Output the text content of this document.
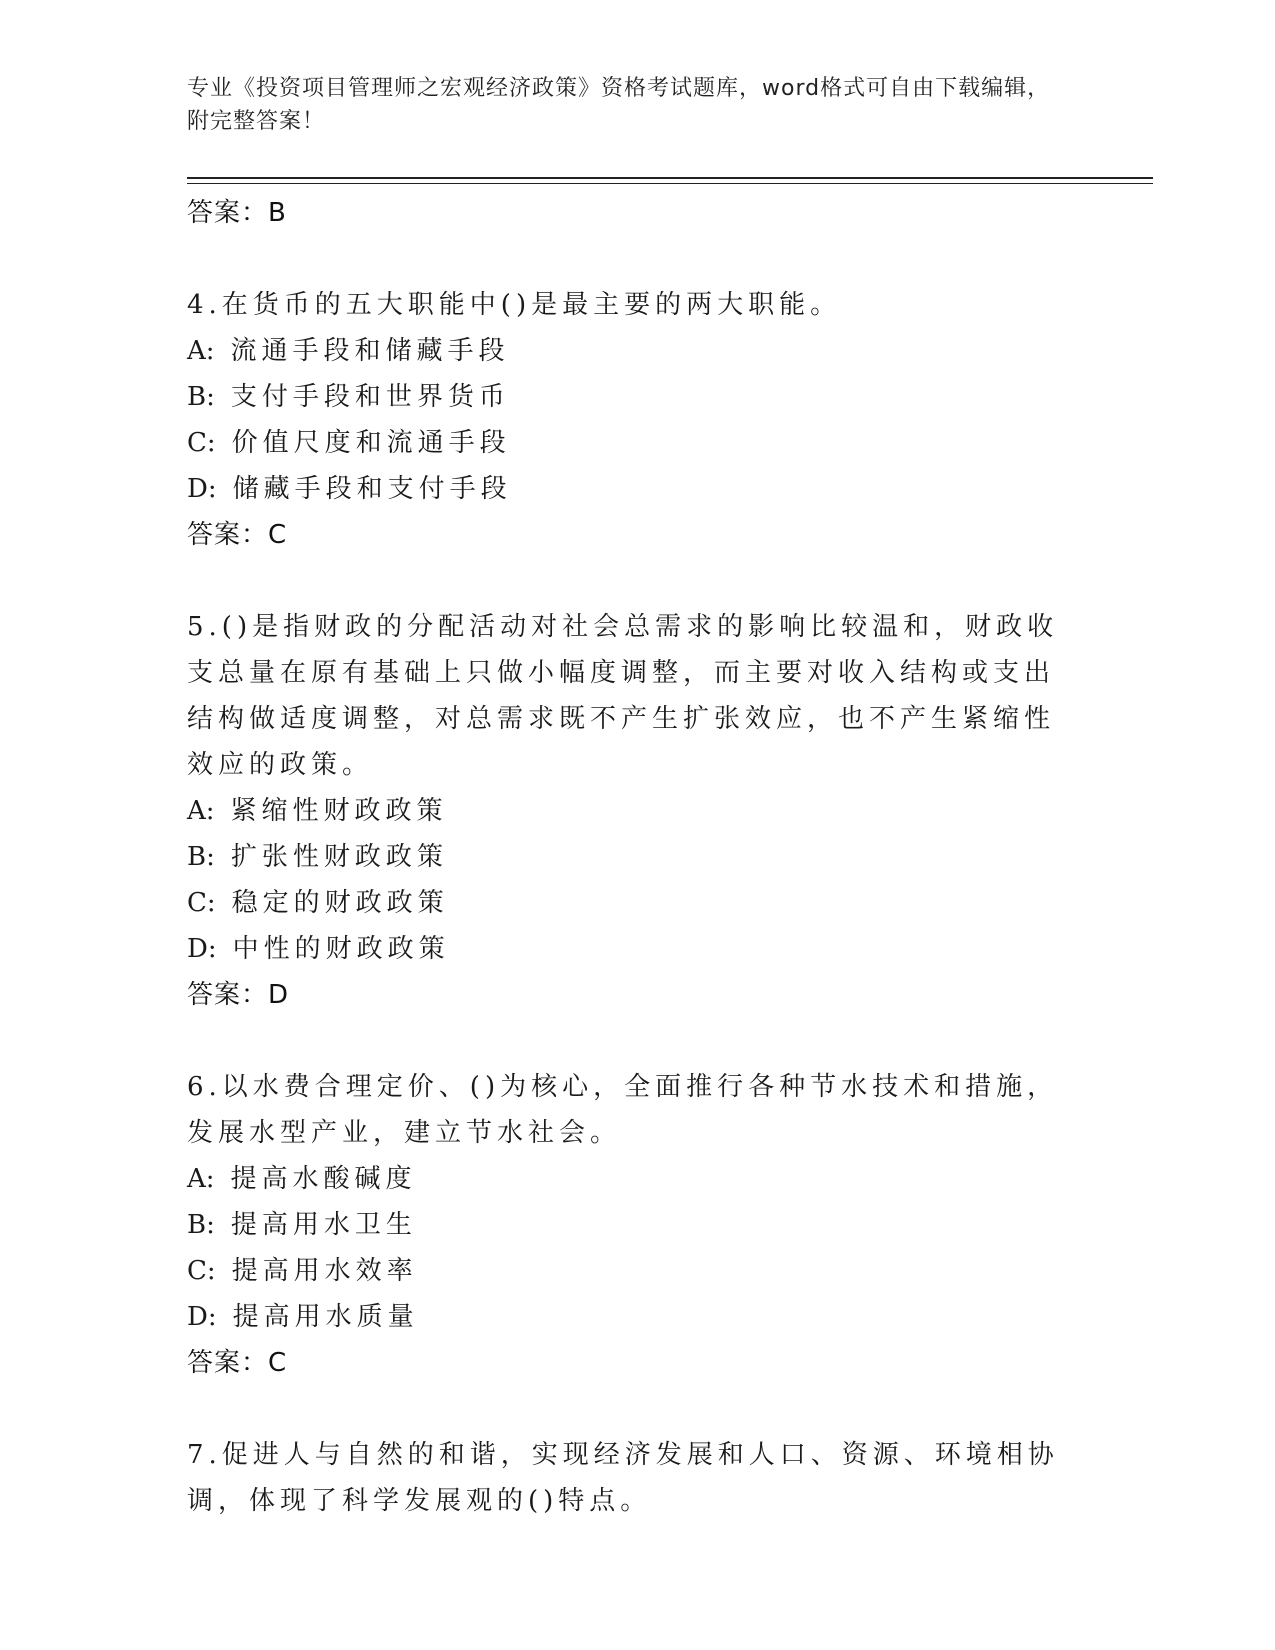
专业《投资项目管理师之宏观经济政策》资格考试题库，word格式可自由下载编辑，附完整答案！
答案：B
4.在货币的五大职能中()是最主要的两大职能。
A: 流通手段和储藏手段
B: 支付手段和世界货币
C: 价值尺度和流通手段
D: 储藏手段和支付手段
答案：C
5.()是指财政的分配活动对社会总需求的影响比较温和，财政收支总量在原有基础上只做小幅度调整，而主要对收入结构或支出结构做适度调整，对总需求既不产生扩张效应，也不产生紧缩性效应的政策。
A: 紧缩性财政政策
B: 扩张性财政政策
C: 稳定的财政政策
D: 中性的财政政策
答案：D
6.以水费合理定价、()为核心，全面推行各种节水技术和措施，发展水型产业，建立节水社会。
A: 提高水酸碱度
B: 提高用水卫生
C: 提高用水效率
D: 提高用水质量
答案：C
7.促进人与自然的和谐，实现经济发展和人口、资源、环境相协调，体现了科学发展观的()特点。
